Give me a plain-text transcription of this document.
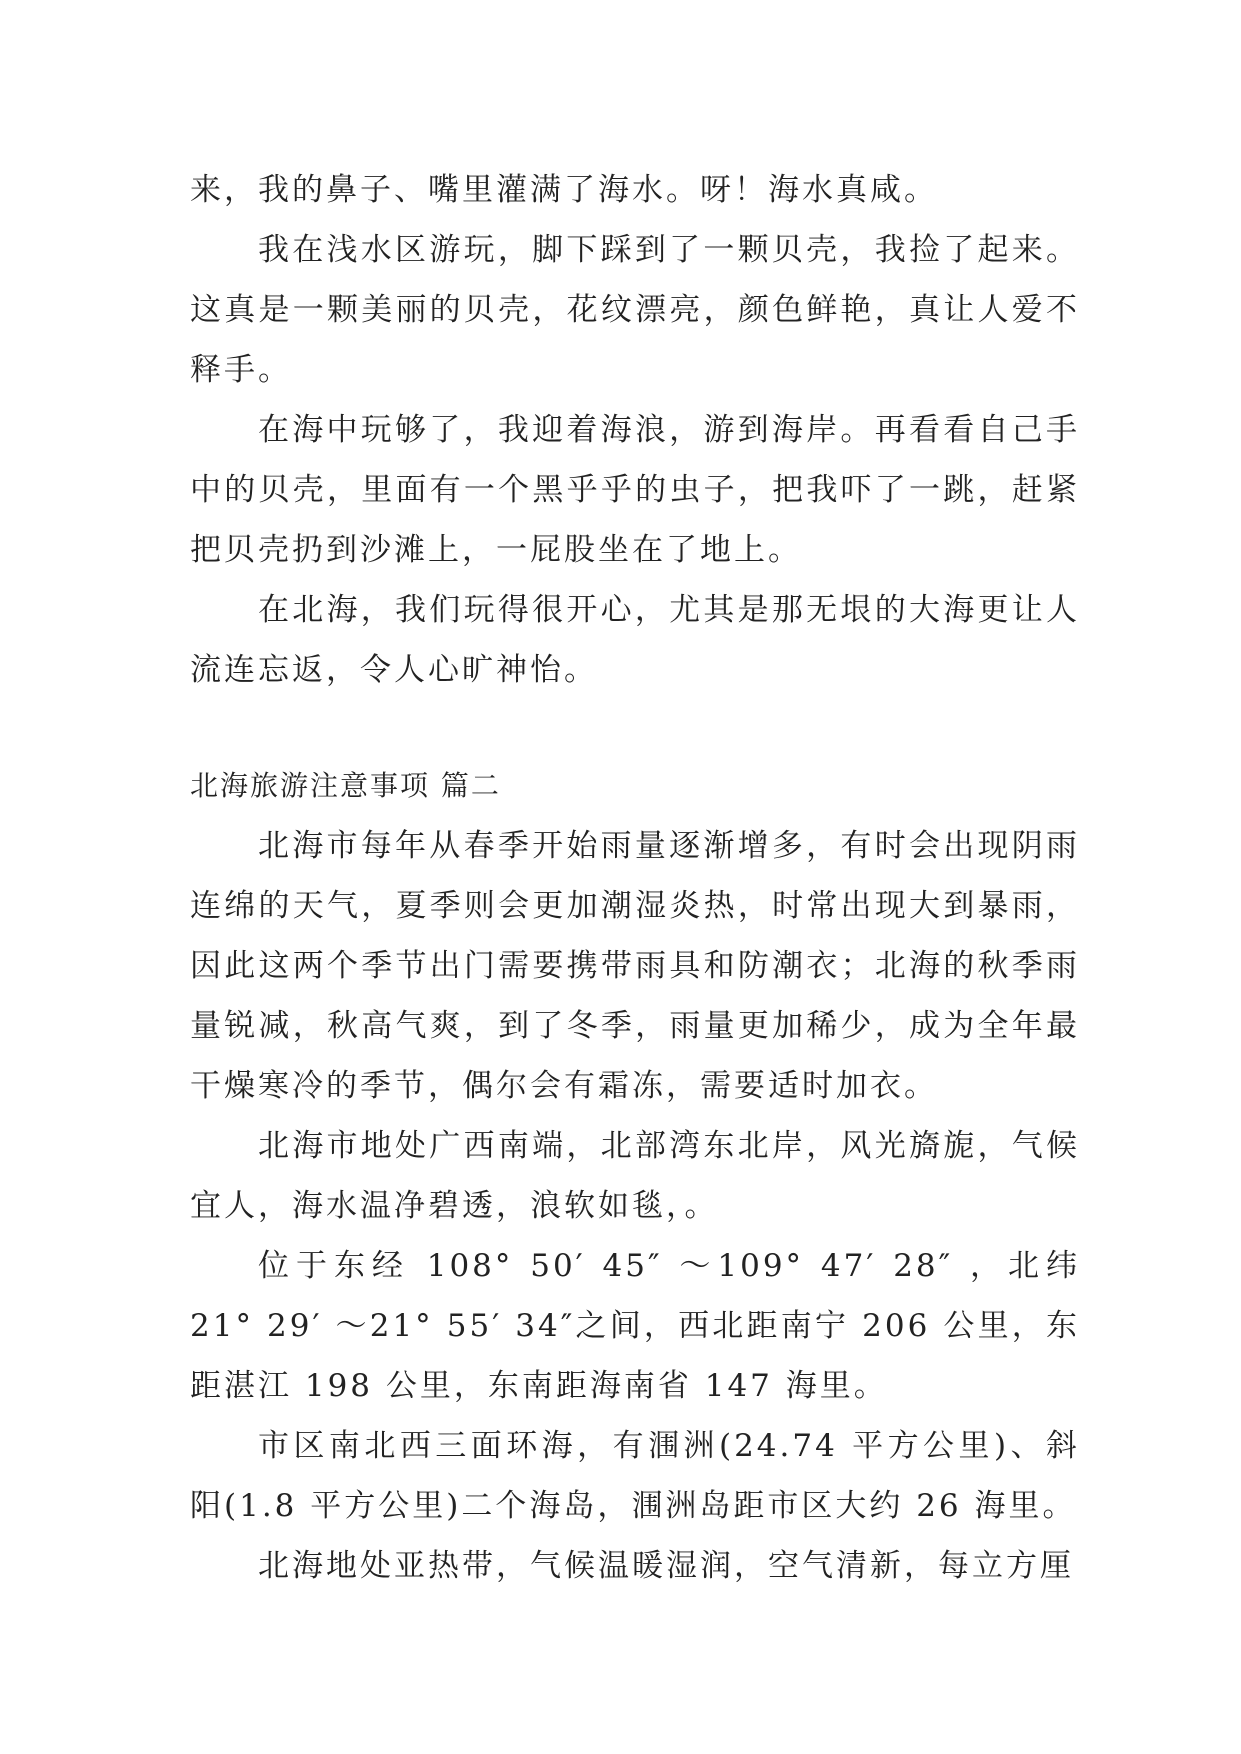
来，我的鼻子、嘴里灌满了海水。呀！海水真咸。

我在浅水区游玩，脚下踩到了一颗贝壳，我捡了起来。这真是一颗美丽的贝壳，花纹漂亮，颜色鲜艳，真让人爱不释手。

在海中玩够了，我迎着海浪，游到海岸。再看看自己手中的贝壳，里面有一个黑乎乎的虫子，把我吓了一跳，赶紧把贝壳扔到沙滩上，一屁股坐在了地上。

在北海，我们玩得很开心，尤其是那无垠的大海更让人流连忘返，令人心旷神怡。

北海旅游注意事项 篇二

北海市每年从春季开始雨量逐渐增多，有时会出现阴雨连绵的天气，夏季则会更加潮湿炎热，时常出现大到暴雨，因此这两个季节出门需要携带雨具和防潮衣；北海的秋季雨量锐减，秋高气爽，到了冬季，雨量更加稀少，成为全年最干燥寒冷的季节，偶尔会有霜冻，需要适时加衣。

北海市地处广西南端，北部湾东北岸，风光旖旎，气候宜人，海水温净碧透，浪软如毯，。

位于东经 108° 50′ 45″ ～109° 47′ 28″ ，北纬 21° 29′ ～21° 55′ 34″之间，西北距南宁 206 公里，东距湛江 198 公里，东南距海南省 147 海里。

市区南北西三面环海，有涠洲(24.74 平方公里)、斜阳(1.8 平方公里)二个海岛，涠洲岛距市区大约 26 海里。

北海地处亚热带，气候温暖湿润，空气清新，每立方厘
